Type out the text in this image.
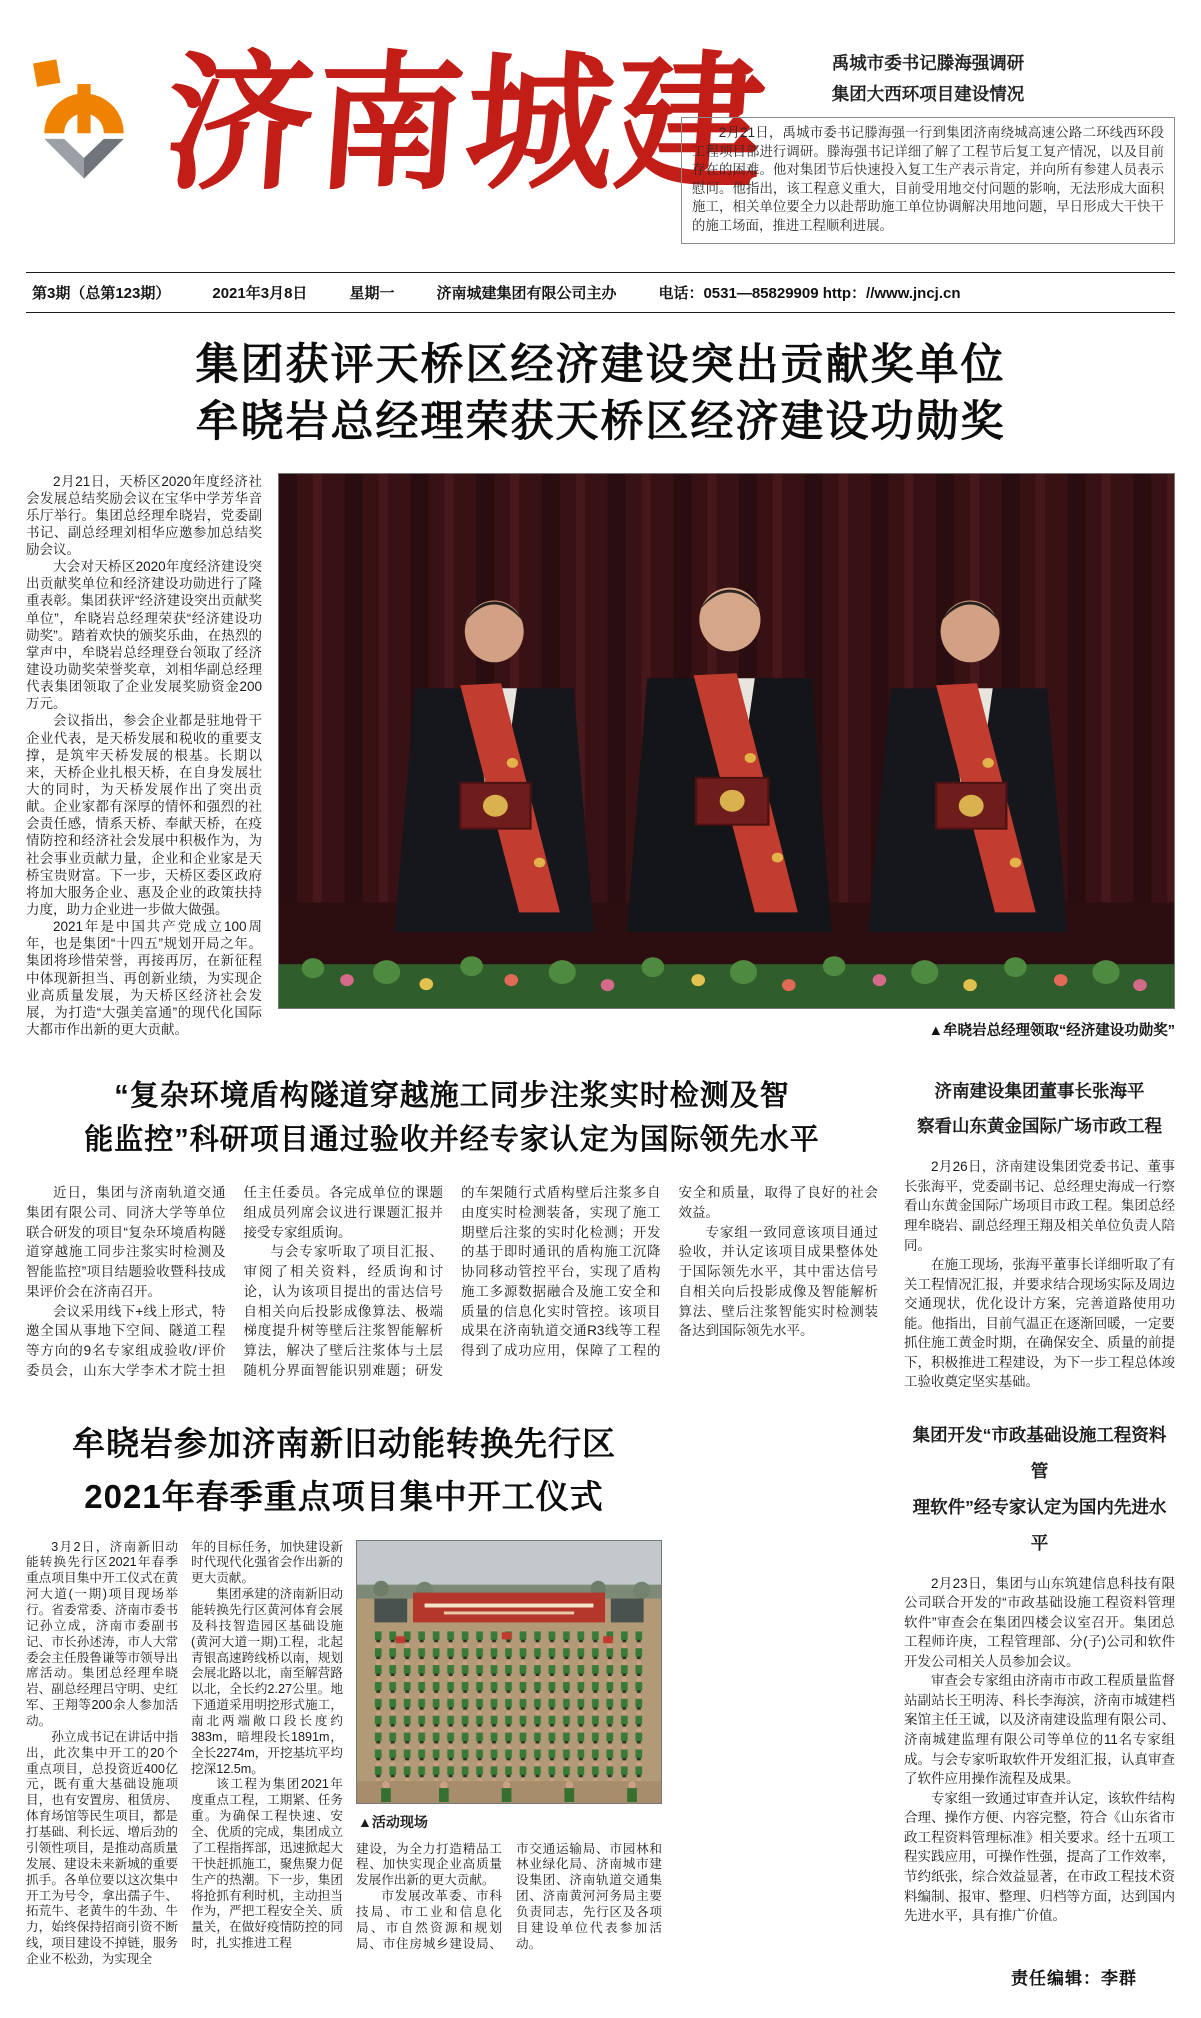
济南城建	禹城市委书记滕海强调研
集团大西环项目建设情况

2月21日，禹城市委书记滕海强一行到集团济南绕城高速公路二环线西环段工程项目部进行调研。滕海强书记详细了解了工程节后复工复产情况，以及目前存在的困难。他对集团节后快速投入复工生产表示肯定，并向所有参建人员表示慰问。他指出，该工程意义重大，目前受用地交付问题的影响，无法形成大面积施工，相关单位要全力以赴帮助施工单位协调解决用地问题，早日形成大干快干的施工场面，推进工程顺利进展。

第3期（总第123期）	2021年3月8日	星期一	济南城建集团有限公司主办	电话：0531—85829909 http：//www.jncj.cn
集团获评天桥区经济建设突出贡献奖单位
牟晓岩总经理荣获天桥区经济建设功勋奖

2月21日，天桥区2020年度经济社会发展总结奖励会议在宝华中学芳华音乐厅举行。集团总经理牟晓岩，党委副书记、副总经理刘相华应邀参加总结奖励会议。

大会对天桥区2020年度经济建设突出贡献奖单位和经济建设功勋进行了隆重表彰。集团获评“经济建设突出贡献奖单位”，牟晓岩总经理荣获“经济建设功勋奖”。踏着欢快的颁奖乐曲，在热烈的掌声中，牟晓岩总经理登台领取了经济建设功勋奖荣誉奖章，刘相华副总经理代表集团领取了企业发展奖励资金200万元。

会议指出，参会企业都是驻地骨干企业代表，是天桥发展和税收的重要支撑，是筑牢天桥发展的根基。长期以来，天桥企业扎根天桥，在自身发展壮大的同时，为天桥发展作出了突出贡献。企业家都有深厚的情怀和强烈的社会责任感，情系天桥、奉献天桥，在疫情防控和经济社会发展中积极作为，为社会事业贡献力量，企业和企业家是天桥宝贵财富。下一步，天桥区委区政府将加大服务企业、惠及企业的政策扶持力度，助力企业进一步做大做强。

2021年是中国共产党成立100周年，也是集团“十四五”规划开局之年。集团将珍惜荣誉，再接再厉，在新征程中体现新担当、再创新业绩，为实现企业高质量发展，为天桥区经济社会发展，为打造“大强美富通”的现代化国际大都市作出新的更大贡献。	▲牟晓岩总经理领取“经济建设功勋奖”
“复杂环境盾构隧道穿越施工同步注浆实时检测及智
能监控”科研项目通过验收并经专家认定为国际领先水平

近日，集团与济南轨道交通集团有限公司、同济大学等单位联合研发的项目“复杂环境盾构隧道穿越施工同步注浆实时检测及智能监控”项目结题验收暨科技成果评价会在济南召开。

会议采用线下+线上形式，特邀全国从事地下空间、隧道工程等方向的9名专家组成验收/评价委员会，山东大学李术才院士担任主任委员。各完成单位的课题组成员列席会议进行课题汇报并接受专家组质询。

与会专家听取了项目汇报、审阅了相关资料，经质询和讨论，认为该项目提出的雷达信号自相关向后投影成像算法、极端梯度提升树等壁后注浆智能解析算法，解决了壁后注浆体与土层随机分界面智能识别难题；研发的车架随行式盾构壁后注浆多自由度实时检测装备，实现了施工期壁后注浆的实时化检测；开发的基于即时通讯的盾构施工沉降协同移动管控平台，实现了盾构施工多源数据融合及施工安全和质量的信息化实时管控。该项目成果在济南轨道交通R3线等工程得到了成功应用，保障了工程的安全和质量，取得了良好的社会效益。

专家组一致同意该项目通过验收，并认定该项目成果整体处于国际领先水平，其中雷达信号自相关向后投影成像及智能解析算法、壁后注浆智能实时检测装备达到国际领先水平。

济南建设集团董事长张海平
察看山东黄金国际广场市政工程

2月26日，济南建设集团党委书记、董事长张海平，党委副书记、总经理史海成一行察看山东黄金国际广场项目市政工程。集团总经理牟晓岩、副总经理王翔及相关单位负责人陪同。

在施工现场，张海平董事长详细听取了有关工程情况汇报，并要求结合现场实际及周边交通现状，优化设计方案，完善道路使用功能。他指出，目前气温正在逐渐回暖，一定要抓住施工黄金时期，在确保安全、质量的前提下，积极推进工程建设，为下一步工程总体竣工验收奠定坚实基础。

牟晓岩参加济南新旧动能转换先行区
2021年春季重点项目集中开工仪式

3月2日，济南新旧动能转换先行区2021年春季重点项目集中开工仪式在黄河大道(一期)项目现场举行。省委常委、济南市委书记孙立成，济南市委副书记、市长孙述涛，市人大常委会主任殷鲁谦等市领导出席活动。集团总经理牟晓岩、副总经理吕守明、史红军、王翔等200余人参加活动。

孙立成书记在讲话中指出，此次集中开工的20个重点项目，总投资近400亿元，既有重大基础设施项目，也有安置房、租赁房、体育场馆等民生项目，都是打基础、利长远、增后劲的引领性项目，是推动高质量发展、建设未来新城的重要抓手。各单位要以这次集中开工为号令，拿出孺子牛、拓荒牛、老黄牛的牛劲、牛力，始终保持招商引资不断线，项目建设不掉链，服务企业不松劲，为实现全

年的目标任务，加快建设新时代现代化强省会作出新的更大贡献。

集团承建的济南新旧动能转换先行区黄河体育会展及科技智造园区基础设施(黄河大道一期)工程，北起青银高速跨线桥以南，规划会展北路以北，南至解营路以北，全长约2.27公里。地下通道采用明挖形式施工，南北两端敞口段长度约383m，暗埋段长1891m，全长2274m，开挖基坑平均挖深12.5m。

该工程为集团2021年度重点工程，工期紧、任务重。为确保工程快速、安全、优质的完成，集团成立了工程指挥部，迅速掀起大干快赶抓施工，聚焦聚力促生产的热潮。下一步，集团将抢抓有利时机，主动担当作为，严把工程安全关、质量关，在做好疫情防控的同时，扎实推进工程

▲活动现场

建设，为全力打造精品工程、加快实现企业高质量发展作出新的更大贡献。

市发展改革委、市科技局、市工业和信息化局、市自然资源和规划局、市住房城乡建设局、市交通运输局、市园林和林业绿化局、济南城市建设集团、济南轨道交通集团、济南黄河河务局主要负责同志，先行区及各项目建设单位代表参加活动。

集团开发“市政基础设施工程资料管
理软件”经专家认定为国内先进水平

2月23日，集团与山东筑建信息科技有限公司联合开发的“市政基础设施工程资料管理软件”审查会在集团四楼会议室召开。集团总工程师许庚，工程管理部、分(子)公司和软件开发公司相关人员参加会议。

审查会专家组由济南市市政工程质量监督站副站长王明涛、科长李海滨，济南市城建档案馆主任王诚，以及济南建设监理有限公司、济南城建监理有限公司等单位的11名专家组成。与会专家听取软件开发组汇报，认真审查了软件应用操作流程及成果。

专家组一致通过审查并认定，该软件结构合理、操作方便、内容完整，符合《山东省市政工程资料管理标准》相关要求。经十五项工程实践应用，可操作性强，提高了工作效率，节约纸张，综合效益显著，在市政工程技术资料编制、报审、整理、归档等方面，达到国内先进水平，具有推广价值。

责任编辑：李群
